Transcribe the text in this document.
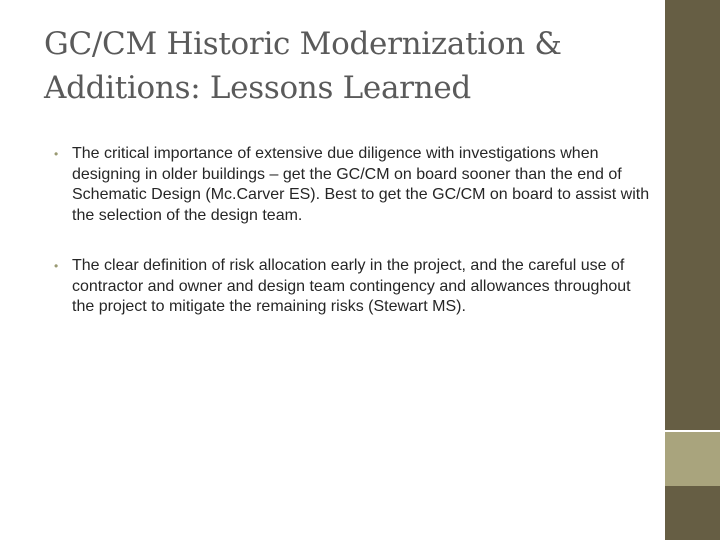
GC/CM Historic Modernization &
Additions: Lessons Learned
• The critical importance of extensive due diligence with investigations when designing in older buildings – get the GC/CM on board sooner than the end of Schematic Design (Mc.Carver ES). Best to get the GC/CM on board to assist with the selection of the design team.
• The clear definition of risk allocation early in the project, and the careful use of contractor and owner and design team contingency and allowances throughout the project to mitigate the remaining risks (Stewart MS).
